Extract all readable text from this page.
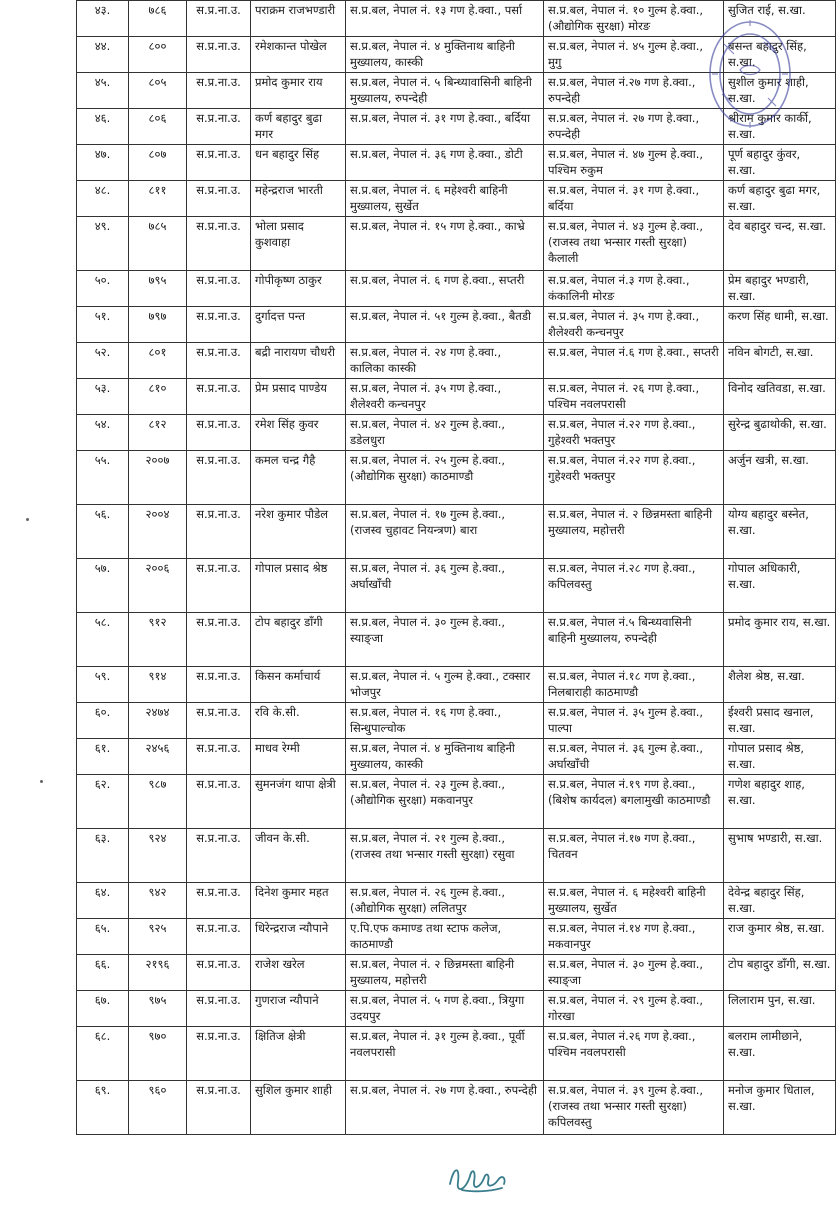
४३.	७८६	स.प्र.ना.उ.	पराक्रम राजभण्डारी	स.प्र.बल, नेपाल नं. १३ गण हे.क्वा., पर्सा	स.प्र.बल, नेपाल नं. १० गुल्म हे.क्वा., (औद्योगिक सुरक्षा) मोरङ	सुजित राई, स.खा.
४४.	८००	स.प्र.ना.उ.	रमेशकान्त पोखेल	स.प्र.बल, नेपाल नं. ४ मुक्तिनाथ बाहिनी मुख्यालय, कास्की	स.प्र.बल, नेपाल नं. ४५ गुल्म हे.क्वा., मुगु	बसन्त बहादुर सिंह, स.खा.
४५.	८०५	स.प्र.ना.उ.	प्रमोद कुमार राय	स.प्र.बल, नेपाल नं. ५ बिन्ध्यावासिनी बाहिनी मुख्यालय, रुपन्देही	स.प्र.बल, नेपाल नं.२७ गण हे.क्वा., रुपन्देही	सुशील कुमार शाही, स.खा.
४६.	८०६	स.प्र.ना.उ.	कर्ण बहादुर बुढा मगर	स.प्र.बल, नेपाल नं. ३१ गण हे.क्वा., बर्दिया	स.प्र.बल, नेपाल नं. २७ गण हे.क्वा., रुपन्देही	श्रीराम कुमार कार्की, स.खा.
४७.	८०७	स.प्र.ना.उ.	धन बहादुर सिंह	स.प्र.बल, नेपाल नं. ३६ गण हे.क्वा., डोटी	स.प्र.बल, नेपाल नं. ४७ गुल्म हे.क्वा., पश्चिम रुकुम	पूर्ण बहादुर कुंवर, स.खा.
४८.	८११	स.प्र.ना.उ.	महेन्द्रराज भारती	स.प्र.बल, नेपाल नं. ६ महेश्वरी बाहिनी मुख्यालय, सुर्खेत	स.प्र.बल, नेपाल नं. ३१ गण हे.क्वा., बर्दिया	कर्ण बहादुर बुढा मगर, स.खा.
४९.	७८५	स.प्र.ना.उ.	भोला प्रसाद कुशवाहा	स.प्र.बल, नेपाल नं. १५ गण हे.क्वा., काभ्रे	स.प्र.बल, नेपाल नं. ४३ गुल्म हे.क्वा., (राजस्व तथा भन्सार गस्ती सुरक्षा) कैलाली	देव बहादुर चन्द, स.खा.
५०.	७९५	स.प्र.ना.उ.	गोपीकृष्ण ठाकुर	स.प्र.बल, नेपाल नं. ६ गण हे.क्वा., सप्तरी	स.प्र.बल, नेपाल नं.३ गण हे.क्वा., कंकालिनी मोरङ	प्रेम बहादुर भण्डारी, स.खा.
५१.	७९७	स.प्र.ना.उ.	दुर्गादत्त पन्त	स.प्र.बल, नेपाल नं. ५१ गुल्म हे.क्वा., बैतडी	स.प्र.बल, नेपाल नं. ३५ गण हे.क्वा., शैलेश्वरी कन्चनपुर	करण सिंह धामी, स.खा.
५२.	८०१	स.प्र.ना.उ.	बद्री नारायण चौधरी	स.प्र.बल, नेपाल नं. २४ गण हे.क्वा., कालिका कास्की	स.प्र.बल, नेपाल नं.६ गण हे.क्वा., सप्तरी	नविन बोगटी, स.खा.
५३.	८१०	स.प्र.ना.उ.	प्रेम प्रसाद पाण्डेय	स.प्र.बल, नेपाल नं. ३५ गण हे.क्वा., शैलेश्वरी कन्चनपुर	स.प्र.बल, नेपाल नं. २६ गण हे.क्वा., पश्चिम नवलपरासी	विनोद खतिवडा, स.खा.
५४.	८१२	स.प्र.ना.उ.	रमेश सिंह कुवर	स.प्र.बल, नेपाल नं. ४२ गुल्म हे.क्वा., डडेलधुरा	स.प्र.बल, नेपाल नं.२२ गण हे.क्वा., गुहेश्वरी भक्तपुर	सुरेन्द्र बुढाथोकी, स.खा.
५५.	२००७	स.प्र.ना.उ.	कमल चन्द्र गैहै	स.प्र.बल, नेपाल नं. २५ गुल्म हे.क्वा., (औद्योगिक सुरक्षा) काठमाण्डौ	स.प्र.बल, नेपाल नं.२२ गण हे.क्वा., गुहेश्वरी भक्तपुर	अर्जुन खत्री, स.खा.
५६.	२००४	स.प्र.ना.उ.	नरेश कुमार पौडेल	स.प्र.बल, नेपाल नं. १७ गुल्म हे.क्वा., (राजस्व चुहावट नियन्त्रण) बारा	स.प्र.बल, नेपाल नं. २ छिन्नमस्ता बाहिनी मुख्यालय, महोत्तरी	योग्य बहादुर बस्नेत, स.खा.
५७.	२००६	स.प्र.ना.उ.	गोपाल प्रसाद श्रेष्ठ	स.प्र.बल, नेपाल नं. ३६ गुल्म हे.क्वा., अर्घाखाँची	स.प्र.बल, नेपाल नं.२८ गण हे.क्वा., कपिलवस्तु	गोपाल अधिकारी, स.खा.
५८.	९१२	स.प्र.ना.उ.	टोप बहादुर डाँगी	स.प्र.बल, नेपाल नं. ३० गुल्म हे.क्वा., स्याङ्जा	स.प्र.बल, नेपाल नं.५ बिन्ध्यवासिनी बाहिनी मुख्यालय, रुपन्देही	प्रमोद कुमार राय, स.खा.
५९.	९१४	स.प्र.ना.उ.	किसन कर्माचार्य	स.प्र.बल, नेपाल नं. ५ गुल्म हे.क्वा., टक्सार भोजपुर	स.प्र.बल, नेपाल नं.१८ गण हे.क्वा., निलबाराही काठमाण्डौ	शैलेश श्रेष्ठ, स.खा.
६०.	२४७४	स.प्र.ना.उ.	रवि के.सी.	स.प्र.बल, नेपाल नं. १६ गण हे.क्वा., सिन्धुपाल्चोक	स.प्र.बल, नेपाल नं. ३५ गुल्म हे.क्वा., पाल्पा	ईश्वरी प्रसाद खनाल, स.खा.
६१.	२४५६	स.प्र.ना.उ.	माधव रेग्मी	स.प्र.बल, नेपाल नं. ४ मुक्तिनाथ बाहिनी मुख्यालय, कास्की	स.प्र.बल, नेपाल नं. ३६ गुल्म हे.क्वा., अर्घाखाँची	गोपाल प्रसाद श्रेष्ठ, स.खा.
६२.	९८७	स.प्र.ना.उ.	सुमनजंग थापा क्षेत्री	स.प्र.बल, नेपाल नं. २३ गुल्म हे.क्वा., (औद्योगिक सुरक्षा) मकवानपुर	स.प्र.बल, नेपाल नं.१९ गण हे.क्वा., (बिशेष कार्यदल) बगलामुखी काठमाण्डौ	गणेश बहादुर शाह, स.खा.
६३.	९२४	स.प्र.ना.उ.	जीवन के.सी.	स.प्र.बल, नेपाल नं. २१ गुल्म हे.क्वा., (राजस्व तथा भन्सार गस्ती सुरक्षा) रसुवा	स.प्र.बल, नेपाल नं.१७ गण हे.क्वा., चितवन	सुभाष भण्डारी, स.खा.
६४.	९४२	स.प्र.ना.उ.	दिनेश कुमार महत	स.प्र.बल, नेपाल नं. २६ गुल्म हे.क्वा., (औद्योगिक सुरक्षा) ललितपुर	स.प्र.बल, नेपाल नं. ६ महेश्वरी बाहिनी मुख्यालय, सुर्खेत	देवेन्द्र बहादुर सिंह, स.खा.
६५.	९२५	स.प्र.ना.उ.	धिरेन्द्रराज न्यौपाने	ए.पि.एफ कमाण्ड तथा स्टाफ कलेज, काठमाण्डौ	स.प्र.बल, नेपाल नं.१४ गण हे.क्वा., मकवानपुर	राज कुमार श्रेष्ठ, स.खा.
६६.	२१९६	स.प्र.ना.उ.	राजेश खरेल	स.प्र.बल, नेपाल नं. २ छिन्नमस्ता बाहिनी मुख्यालय, महोत्तरी	स.प्र.बल, नेपाल नं. ३० गुल्म हे.क्वा., स्याङ्जा	टोप बहादुर डाँगी, स.खा.
६७.	९७५	स.प्र.ना.उ.	गुणराज न्यौपाने	स.प्र.बल, नेपाल नं. ५ गण हे.क्वा., त्रियुगा उदयपुर	स.प्र.बल, नेपाल नं. २९ गुल्म हे.क्वा., गोरखा	लिलाराम पुन, स.खा.
६८.	९७०	स.प्र.ना.उ.	क्षितिज क्षेत्री	स.प्र.बल, नेपाल नं. ३१ गुल्म हे.क्वा., पूर्वी नवलपरासी	स.प्र.बल, नेपाल नं.२६ गण हे.क्वा., पश्चिम नवलपरासी	बलराम लामीछाने, स.खा.
६९.	९६०	स.प्र.ना.उ.	सुशिल कुमार शाही	स.प्र.बल, नेपाल नं. २७ गण हे.क्वा., रुपन्देही	स.प्र.बल, नेपाल नं. ३९ गुल्म हे.क्वा., (राजस्व तथा भन्सार गस्ती सुरक्षा) कपिलवस्तु	मनोज कुमार धिताल, स.खा.
